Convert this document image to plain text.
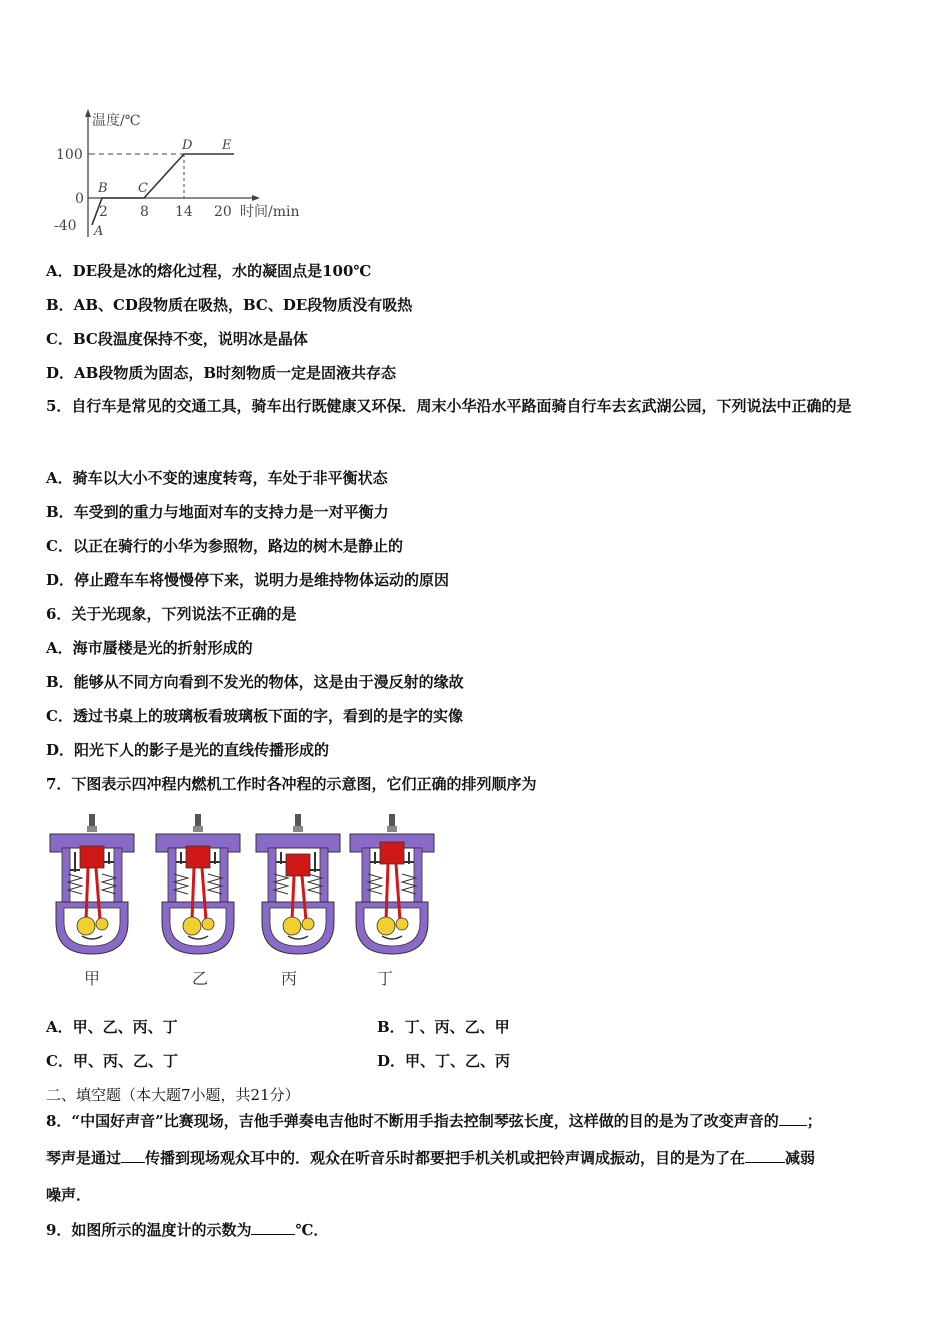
温度/℃
时间/min
100
0
-40
2 8 14 20
A
B C
D E
A．DE段是冰的熔化过程，水的凝固点是100℃
B．AB、CD段物质在吸热，BC、DE段物质没有吸热
C．BC段温度保持不变，说明冰是晶体
D．AB段物质为固态，B时刻物质一定是固液共存态
5．自行车是常见的交通工具，骑车出行既健康又环保．周末小华沿水平路面骑自行车去玄武湖公园，下列说法中正确的是
A．骑车以大小不变的速度转弯，车处于非平衡状态
B．车受到的重力与地面对车的支持力是一对平衡力
C．以正在骑行的小华为参照物，路边的树木是静止的
D．停止蹬车车将慢慢停下来，说明力是维持物体运动的原因
6．关于光现象，下列说法不正确的是
A．海市蜃楼是光的折射形成的
B．能够从不同方向看到不发光的物体，这是由于漫反射的缘故
C．透过书桌上的玻璃板看玻璃板下面的字，看到的是字的实像
D．阳光下人的影子是光的直线传播形成的
7．下图表示四冲程内燃机工作时各冲程的示意图，它们正确的排列顺序为
甲	乙	丙	丁
A．甲、乙、丙、丁	B．丁、丙、乙、甲
C．甲、丙、乙、丁	D．甲、丁、乙、丙
二、填空题（本大题7小题，共21分）
8．“中国好声音”比赛现场，吉他手弹奏电吉他时不断用手指去控制琴弦长度，这样做的目的是为了改变声音的 ；
琴声是通过 传播到现场观众耳中的．观众在听音乐时都要把手机关机或把铃声调成振动，目的是为了在	减弱
噪声．
9．如图所示的温度计的示数为	℃．
